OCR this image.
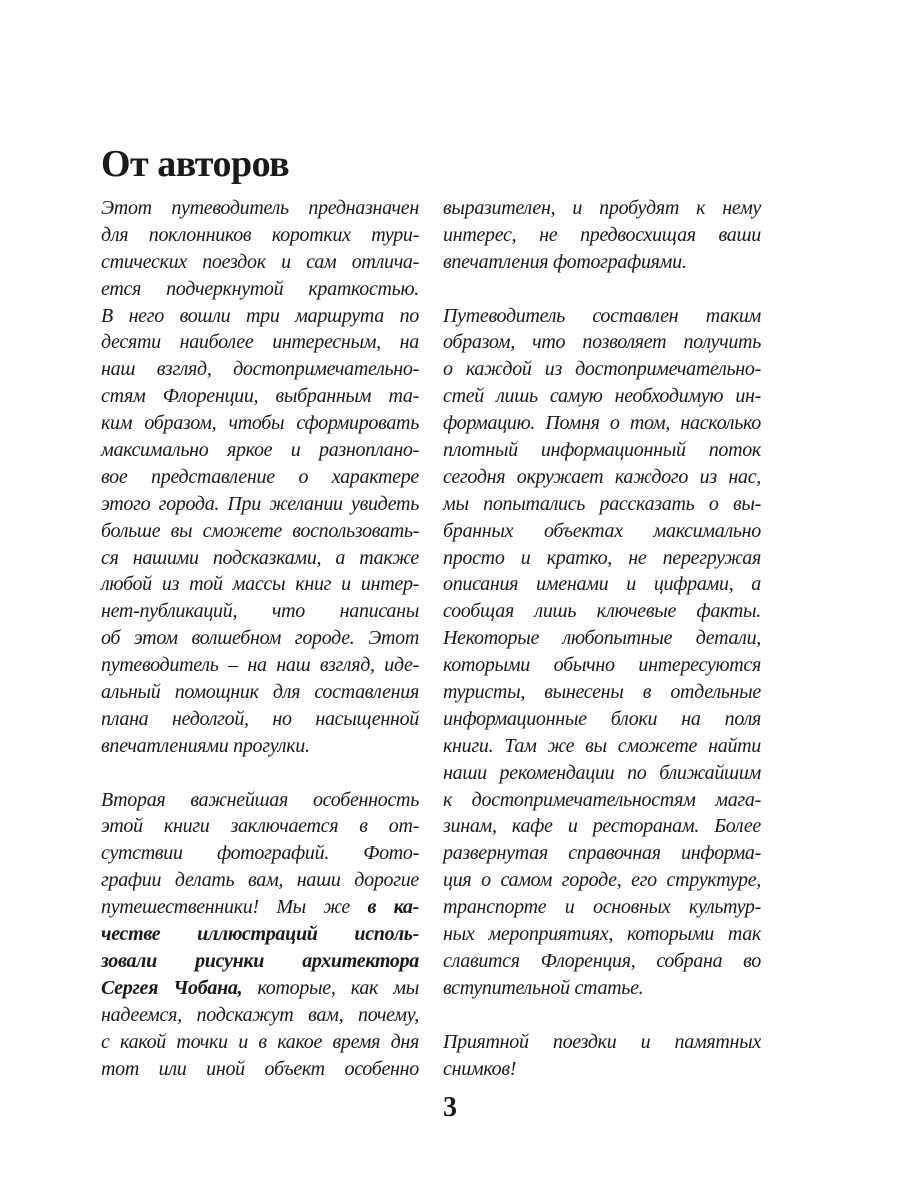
От авторов
Этот путеводитель предназначен
для поклонников коротких тури-
стических поездок и сам отлича-
ется подчеркнутой краткостью.
В него вошли три маршрута по
десяти наиболее интересным, на
наш взгляд, достопримечательно-
стям Флоренции, выбранным та-
ким образом, чтобы сформировать
максимально яркое и разнопланo-
вое представление о характере
этого города. При желании увидеть
больше вы сможете воспользовать-
ся нашими подсказками, а также
любой из той массы книг и интер-
нет-публикаций, что написаны
об этом волшебном городе. Этот
путеводитель – на наш взгляд, иде-
альный помощник для составления
плана недолгой, но насыщенной
впечатлениями прогулки.
Вторая важнейшая особенность
этой книги заключается в от-
сутствии фотографий. Фото-
графии делать вам, наши дорогие
путешественники! Мы же в ка-
честве иллюстраций исполь-
зовали рисунки архитектора
Сергея Чобана, которые, как мы
надеемся, подскажут вам, почему,
с какой точки и в какое время дня
тот или иной объект особенно
выразителен, и пробудят к нему
интерес, не предвосхищая ваши
впечатления фотографиями.
Путеводитель составлен таким
образом, что позволяет получить
о каждой из достопримечательно-
стей лишь самую необходимую ин-
формацию. Помня о том, насколько
плотный информационный поток
сегодня окружает каждого из нас,
мы попытались рассказать о вы-
бранных объектах максимально
просто и кратко, не перегружая
описания именами и цифрами, а
сообщая лишь ключевые факты.
Некоторые любопытные детали,
которыми обычно интересуются
туристы, вынесены в отдельные
информационные блоки на поля
книги. Там же вы сможете найти
наши рекомендации по ближайшим
к достопримечательностям мага-
зинам, кафе и ресторанам. Более
развернутая справочная информа-
ция о самом городе, его структуре,
транспорте и основных культур-
ных мероприятиях, которыми так
славится Флоренция, собрана во
вступительной статье.
Приятной поездки и памятных
снимков!
3
